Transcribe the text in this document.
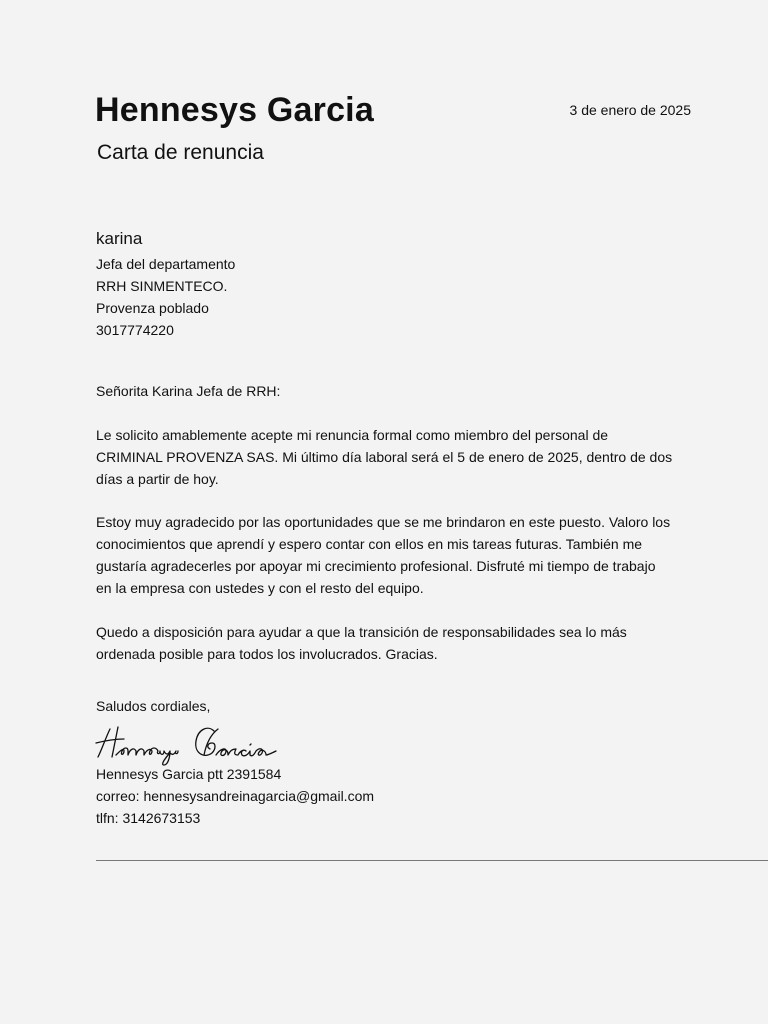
Hennesys Garcia
Carta de renuncia
3 de enero de 2025
karina
Jefa del departamento
RRH SINMENTECO.
Provenza poblado
3017774220
Señorita Karina Jefa de RRH:
Le solicito amablemente acepte mi renuncia formal como miembro del personal de
CRIMINAL PROVENZA SAS. Mi último día laboral será el 5 de enero de 2025, dentro de dos
días a partir de hoy.
Estoy muy agradecido por las oportunidades que se me brindaron en este puesto. Valoro los
conocimientos que aprendí y espero contar con ellos en mis tareas futuras. También me
gustaría agradecerles por apoyar mi crecimiento profesional. Disfruté mi tiempo de trabajo
en la empresa con ustedes y con el resto del equipo.
Quedo a disposición para ayudar a que la transición de responsabilidades sea lo más
ordenada posible para todos los involucrados. Gracias.
Saludos cordiales,
Hennesys Garcia ptt 2391584
correo: hennesysandreinagarcia@gmail.com
tlfn: 3142673153
